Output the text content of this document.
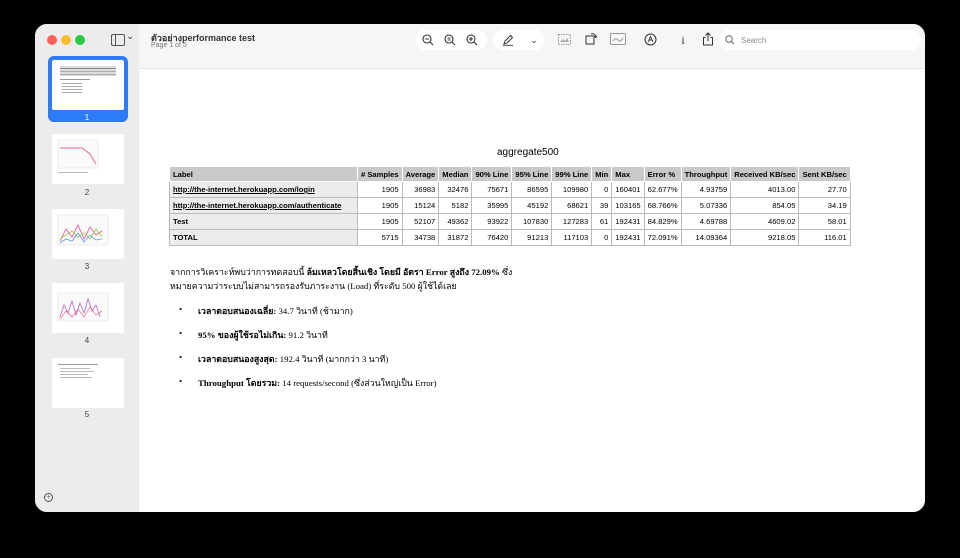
⌄
1
2
3
4
5
+
ตัวอย่างperformance test
Page 1 of 5
⌄	i
Search
aggregate500
Label	# Samples	Average	Median	90% Line	95% Line	99% Line	Min	Max	Error %	Throughput	Received KB/sec	Sent KB/sec
http://the-internet.herokuapp.com/login	1905	36983	32476	75671	86595	109980	0	160401	62.677%	4.93759	4013.00	27.70
http://the-internet.herokuapp.com/authenticate	1905	15124	5182	35995	45192	68621	39	103165	68.766%	5.07336	854.05	34.19
Test	1905	52107	49362	93922	107830	127283	61	192431	84.829%	4.69788	4609.02	58.01
TOTAL	5715	34738	31872	76420	91213	117103	0	192431	72.091%	14.09364	9218.05	116.01
จากการวิเคราะห์พบว่าการทดสอบนี้ ล้มเหลวโดยสิ้นเชิง โดยมี อัตรา Error สูงถึง 72.09% ซึ่ง
หมายความว่าระบบไม่สามารถรองรับภาระงาน (Load) ที่ระดับ 500 ผู้ใช้ได้เลย
• เวลาตอบสนองเฉลี่ย: 34.7 วินาที (ช้ามาก)
• 95% ของผู้ใช้รอไม่เกิน: 91.2 วินาที
• เวลาตอบสนองสูงสุด: 192.4 วินาที (มากกว่า 3 นาที)
• Throughput โดยรวม: 14 requests/second (ซึ่งส่วนใหญ่เป็น Error)
